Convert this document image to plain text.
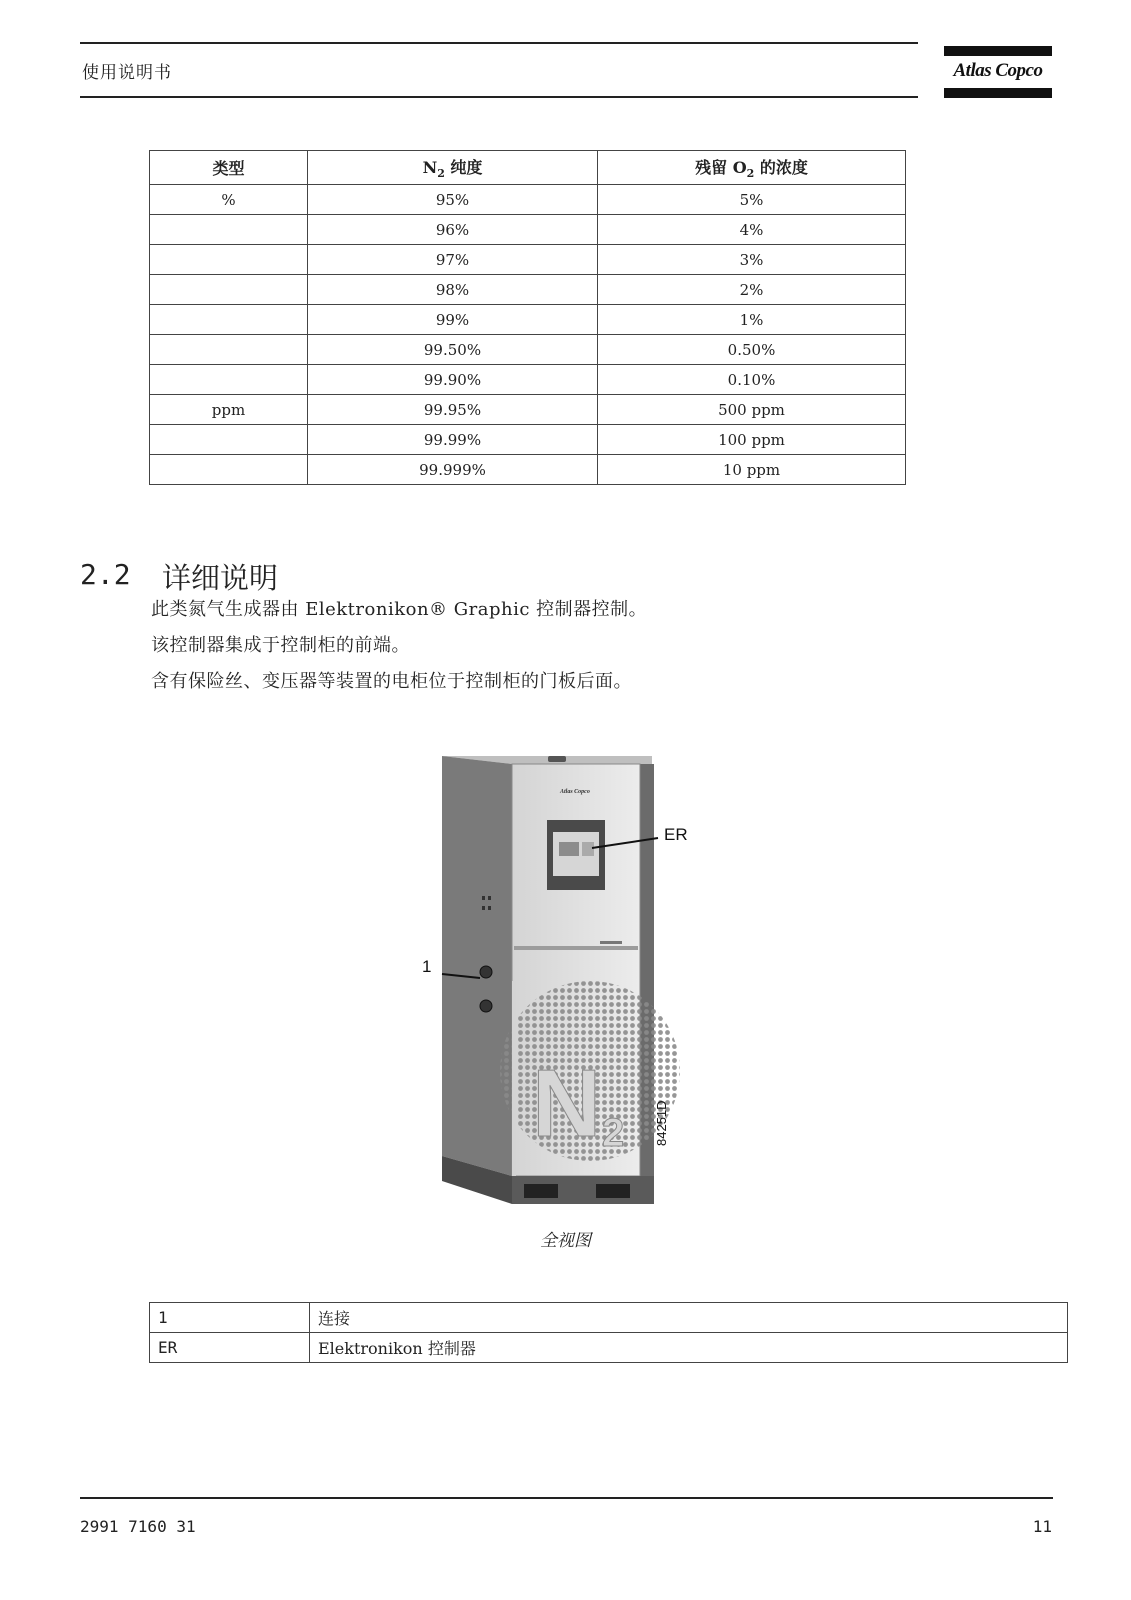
使用说明书	Atlas Copco
类型	$N_2$ 纯度	残留 $O_2$ 的浓度
%	95%	5%
	96%	4%
	97%	3%
	98%	2%
	99%	1%
	99.50%	0.50%
	99.90%	0.10%
ppm	99.95%	500 ppm
	99.99%	100 ppm
	99.999%	10 ppm
2.2 详细说明
此类氮气生成器由 Elektronikon® Graphic 控制器控制。
该控制器集成于控制柜的前端。
含有保险丝、变压器等装置的电柜位于控制柜的门板后面。
Atlas Copco
N 2
ER
1
84251D
全视图
1	连接
ER	Elektronikon 控制器
2991 7160 31	11
